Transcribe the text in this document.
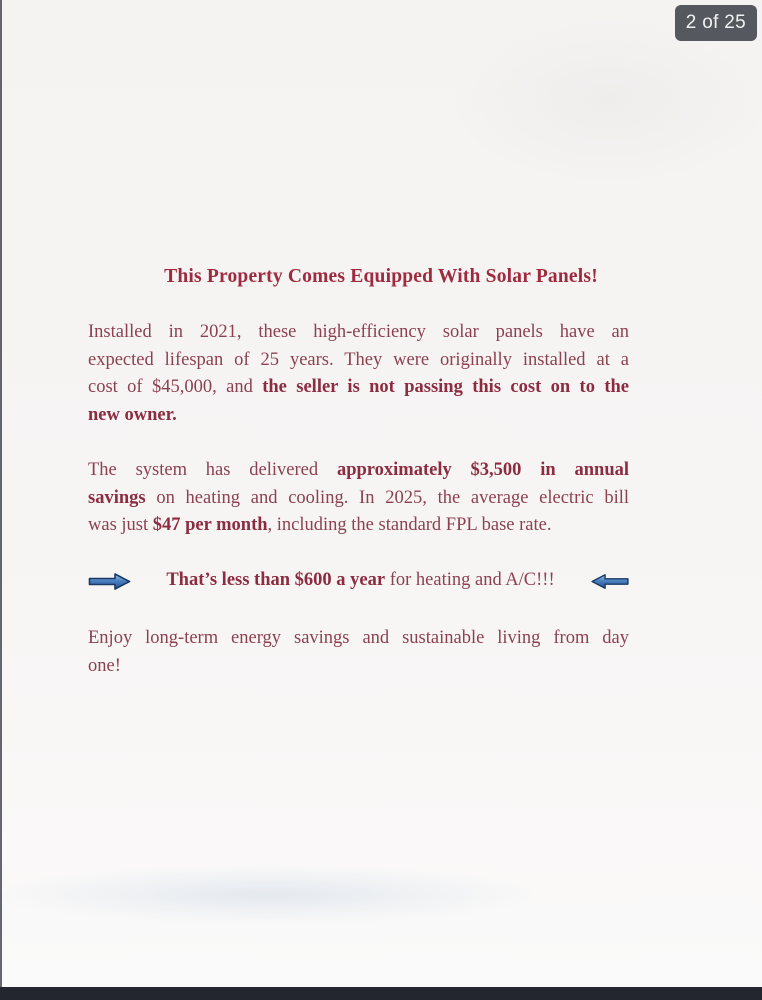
This Property Comes Equipped With Solar Panels!
Installed in 2021, these high-efficiency solar panels have an
expected lifespan of 25 years. They were originally installed at a
cost of $45,000, and the seller is not passing this cost on to the
new owner.
The system has delivered approximately $3,500 in annual
savings on heating and cooling. In 2025, the average electric bill
was just $47 per month, including the standard FPL base rate.
That’s less than $600 a year for heating and A/C!!!
Enjoy long-term energy savings and sustainable living from day
one!
2 of 25
